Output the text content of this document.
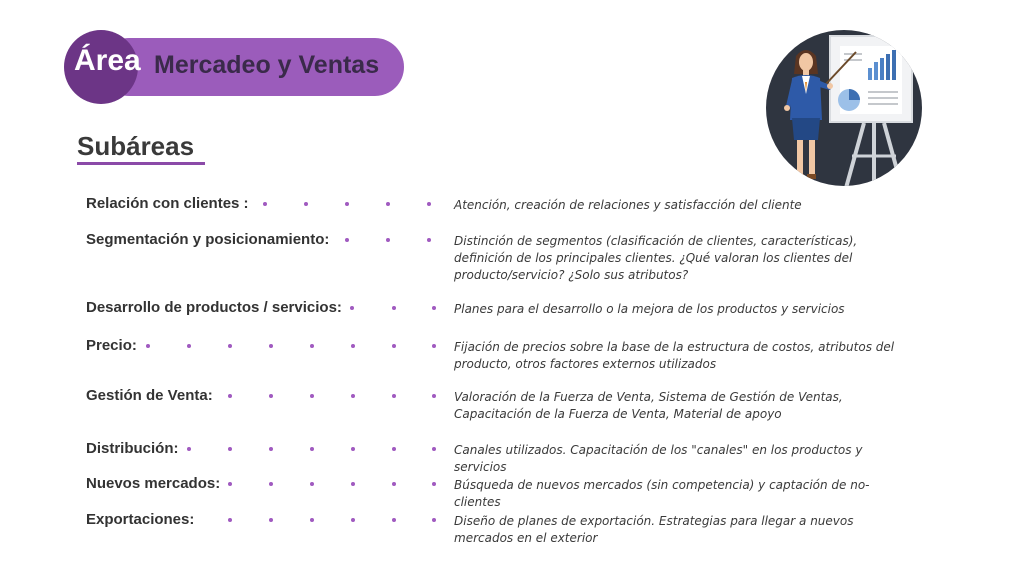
Mercadeo y Ventas
Área
Subáreas
Relación con clientes :	Atención, creación de relaciones y satisfacción del cliente
Segmentación y posicionamiento:	Distinción de segmentos (clasificación de clientes, características), definición de los principales clientes. ¿Qué valoran los clientes del producto/servicio? ¿Solo sus atributos?
Desarrollo de productos / servicios:	Planes para el desarrollo o la mejora de los productos y servicios
Precio:	Fijación de precios sobre la base de la estructura de costos, atributos del producto, otros factores externos utilizados
Gestión de Venta:	Valoración de la Fuerza de Venta, Sistema de Gestión de Ventas, Capacitación de la Fuerza de Venta, Material de apoyo
Distribución:	Canales utilizados. Capacitación de los "canales" en los productos y servicios
Nuevos mercados:	Búsqueda de nuevos mercados (sin competencia) y captación de no-clientes
Exportaciones:	Diseño de planes de exportación. Estrategias para llegar a nuevos mercados en el exterior
